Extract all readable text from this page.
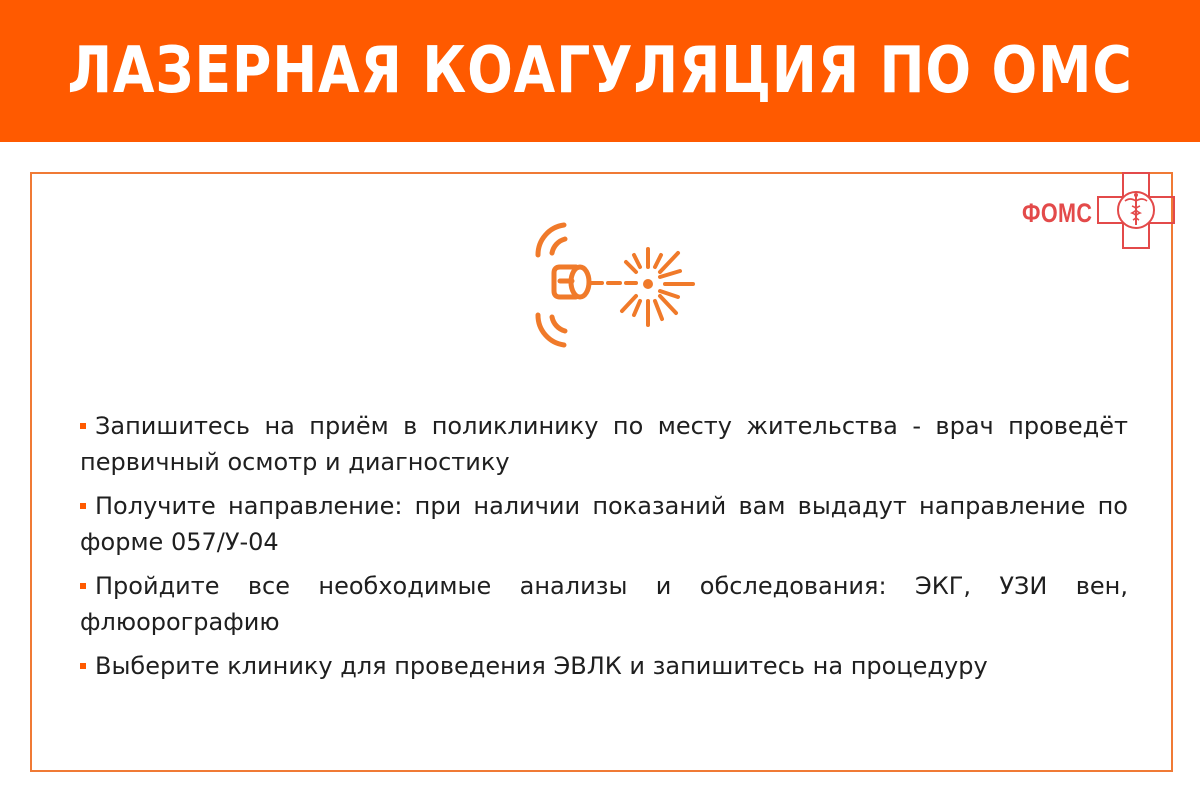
ЛАЗЕРНАЯ КОАГУЛЯЦИЯ ПО ОМС
ФОМС
Запишитесь на приём в поликлинику по месту жительства - врач проведёт первичный осмотр и диагностику
Получите направление: при наличии показаний вам выдадут направление по форме 057/У-04
Пройдите все необходимые анализы и обследования: ЭКГ, УЗИ вен, флюорографию
Выберите клинику для проведения ЭВЛК и запишитесь на процедуру
